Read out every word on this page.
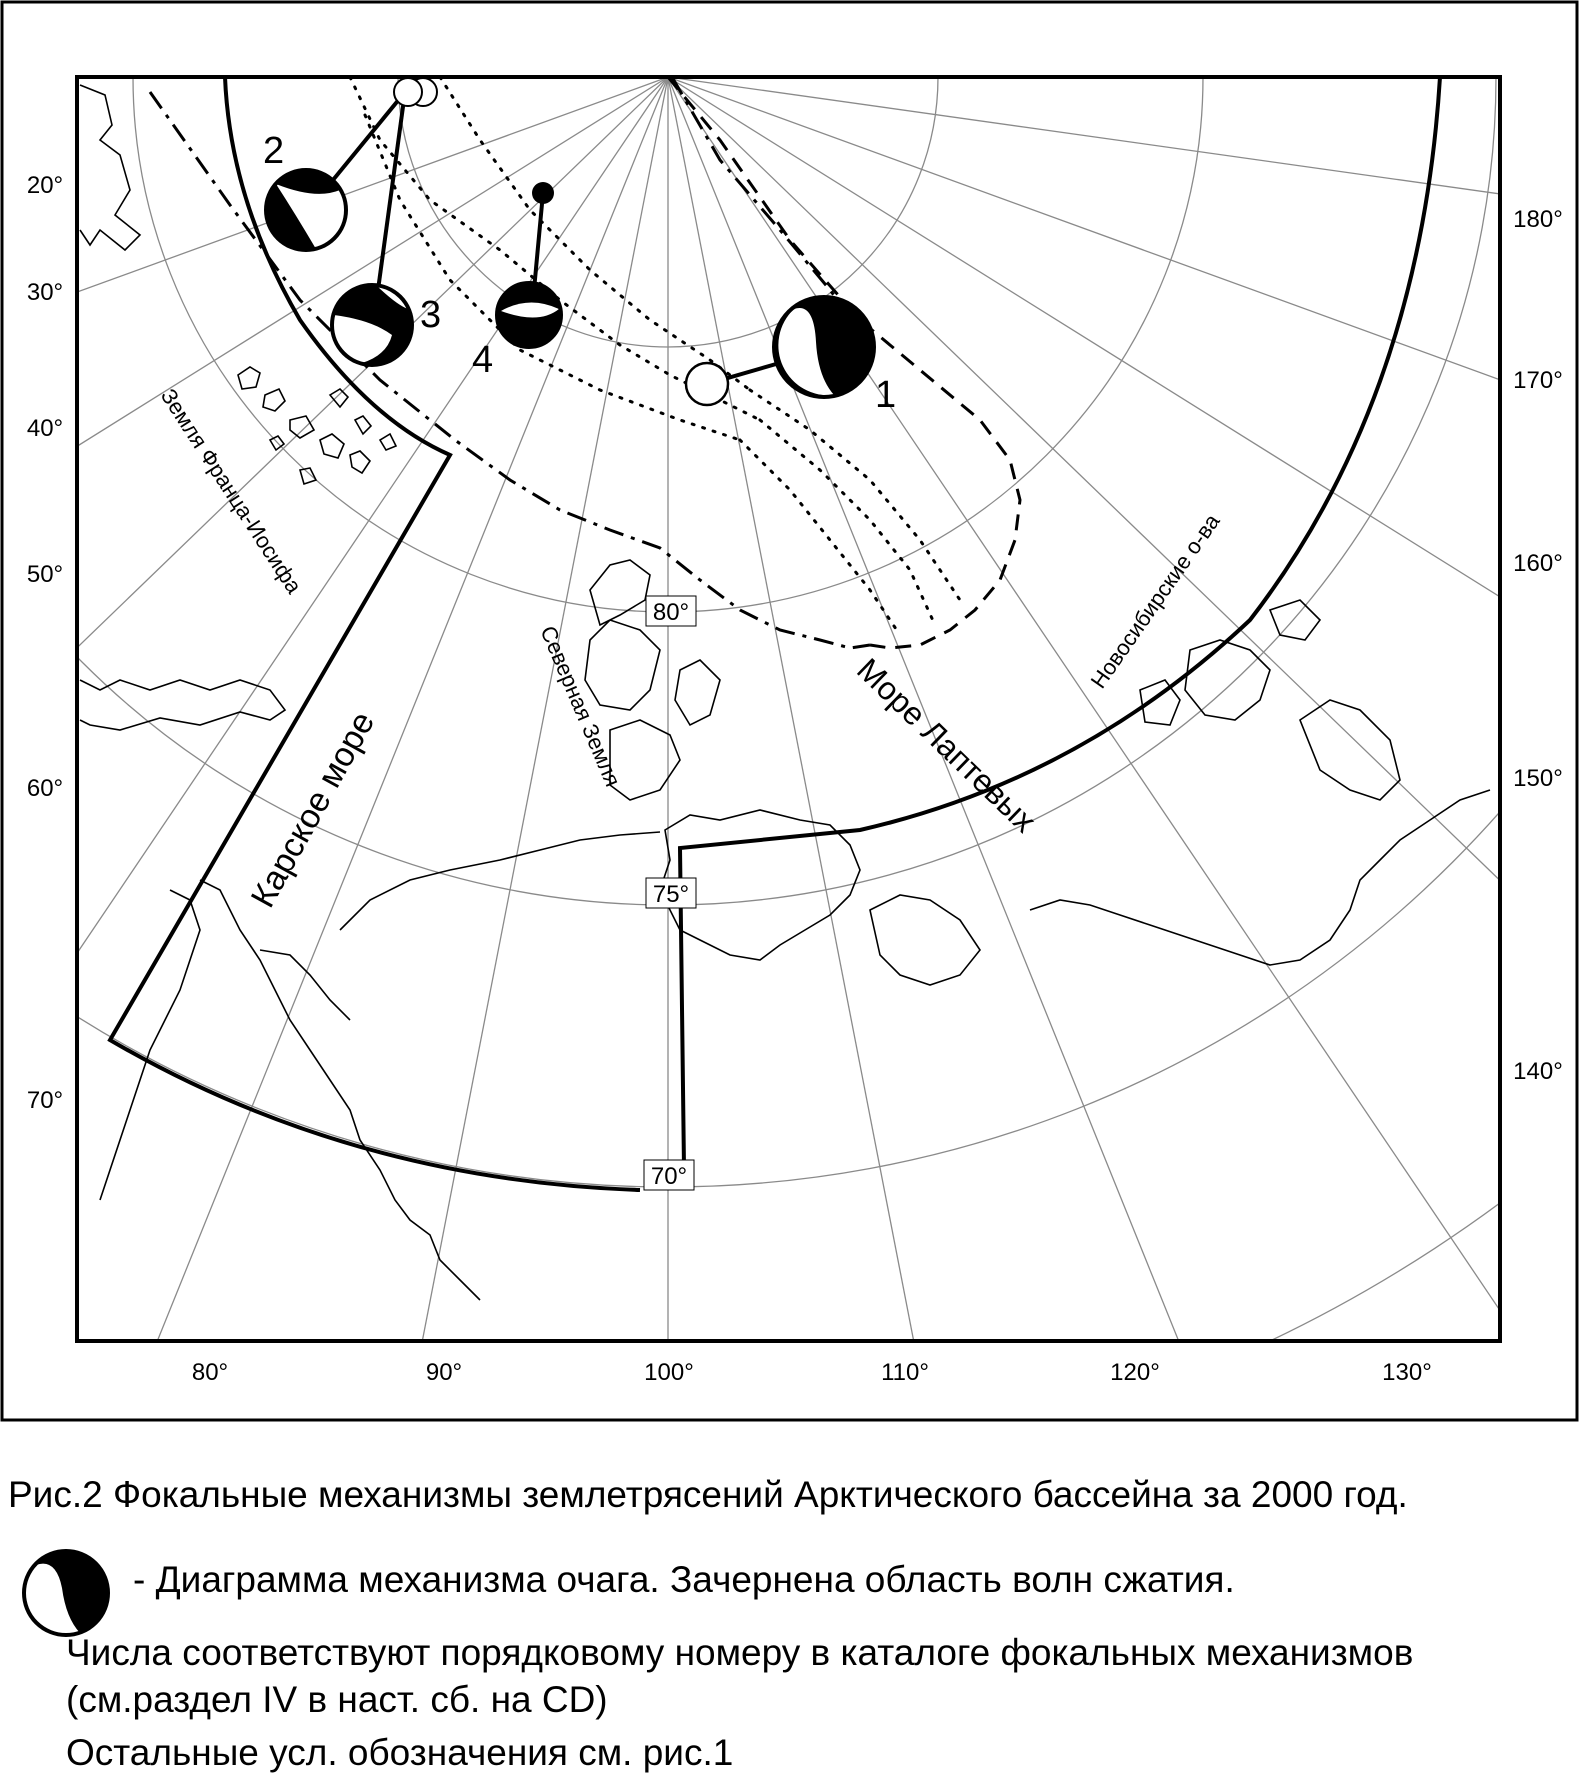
2
3
4
1
80°	90°	100°	110°	120°	130°
20°
30°
40°
50°
60°
70°
180°
170°
160°
150°
140°
80°
75°
70°
Земля Франца-Иосифа
Карское море	Северная Земля	Море Лаптевых
Новосибирские о-ва
Рис.2 Фокальные механизмы землетрясений Арктического бассейна за 2000 год.
- Диаграмма механизма очага. Зачернена область волн сжатия.
Числа соответствуют порядковому номеру в каталоге фокальных механизмов
(см.раздел IV в наст. сб. на CD)
Остальные усл. обозначения см. рис.1
